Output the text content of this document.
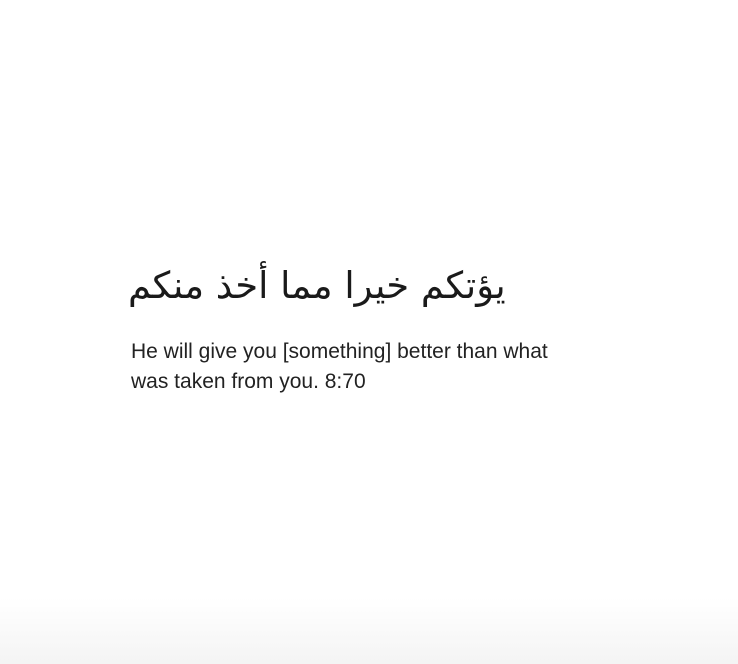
يؤتكم خيرا مما أخذ منكم

He will give you [something] better than what
was taken from you. 8:70
